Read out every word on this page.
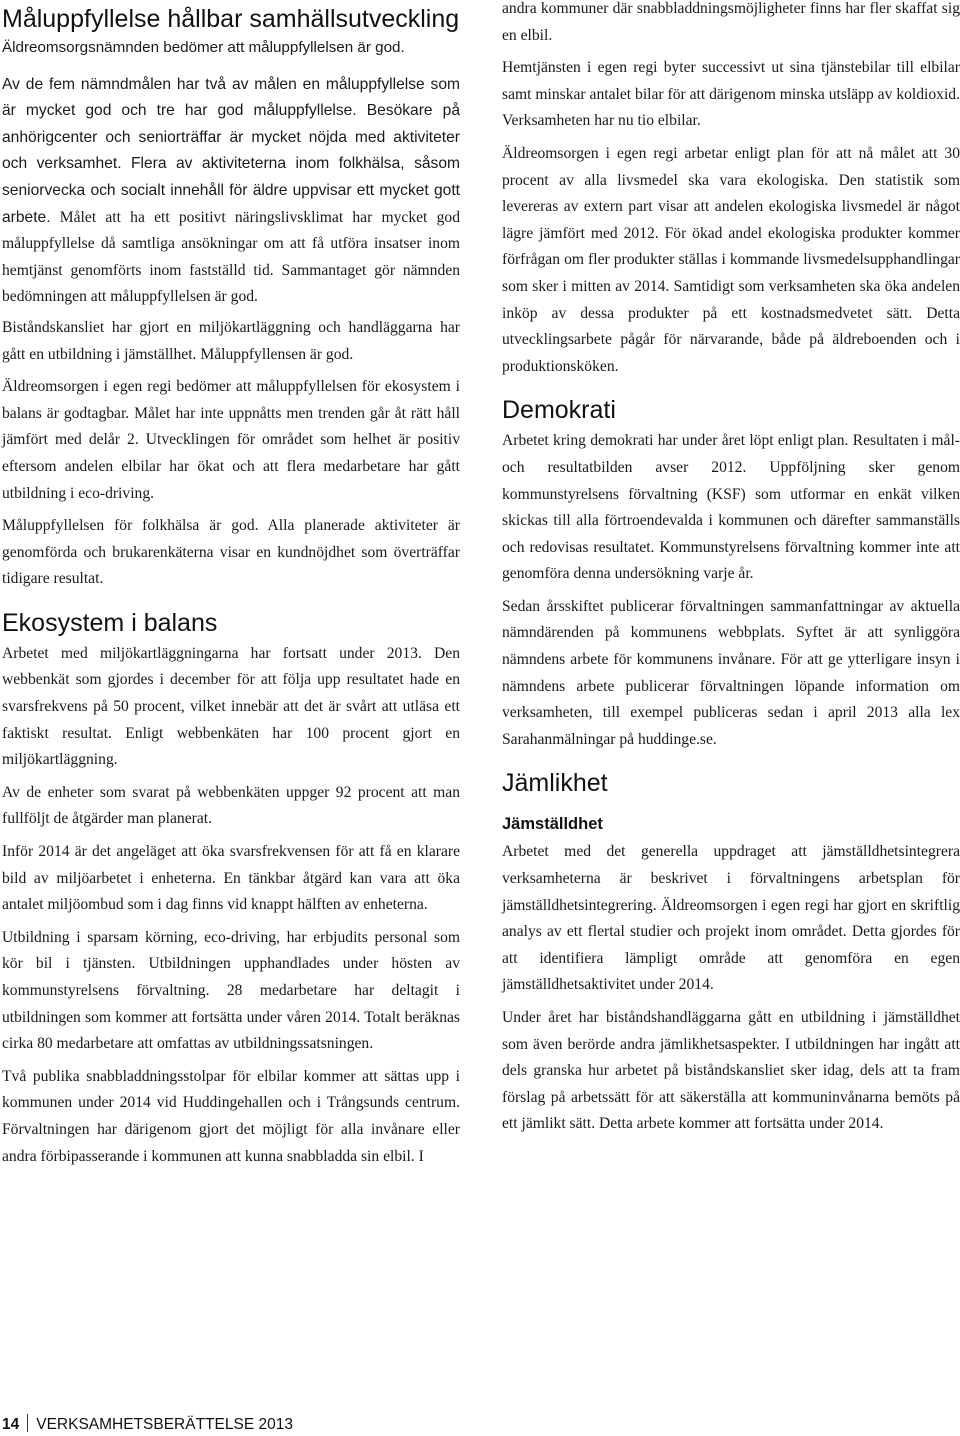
Måluppfyllelse hållbar samhällsutveckling

Äldreomsorgsnämnden bedömer att måluppfyllelsen är god.

Av de fem nämndmålen har två av målen en måluppfyllelse som är mycket god och tre har god måluppfyllelse. Besökare på anhörigcenter och seniorträffar är mycket nöjda med aktiviteter och verksamhet. Flera av aktiviteterna inom folkhälsa, såsom seniorvecka och socialt innehåll för äldre uppvisar ett mycket gott arbete. Målet att ha ett positivt näringslivsklimat har mycket god måluppfyllelse då samtliga ansökningar om att få utföra insatser inom hemtjänst genomförts inom fastställd tid. Sammantaget gör nämnden bedömningen att måluppfyllelsen är god.

Biståndskansliet har gjort en miljökartläggning och handläggarna har gått en utbildning i jämställhet. Måluppfyllensen är god.

Äldreomsorgen i egen regi bedömer att måluppfyllelsen för ekosystem i balans är godtagbar. Målet har inte uppnåtts men trenden går åt rätt håll jämfört med delår 2. Utvecklingen för området som helhet är positiv eftersom andelen elbilar har ökat och att flera medarbetare har gått utbildning i eco-driving.

Måluppfyllelsen för folkhälsa är god. Alla planerade aktiviteter är genomförda och brukarenkäterna visar en kundnöjdhet som överträffar tidigare resultat.

Ekosystem i balans

Arbetet med miljökartläggningarna har fortsatt under 2013. Den webbenkät som gjordes i december för att följa upp resultatet hade en svarsfrekvens på 50 procent, vilket innebär att det är svårt att utläsa ett faktiskt resultat. Enligt webbenkäten har 100 procent gjort en miljökartläggning.

Av de enheter som svarat på webbenkäten uppger 92 procent att man fullföljt de åtgärder man planerat.

Inför 2014 är det angeläget att öka svarsfrekvensen för att få en klarare bild av miljöarbetet i enheterna. En tänkbar åtgärd kan vara att öka antalet miljöombud som i dag finns vid knappt hälften av enheterna.

Utbildning i sparsam körning, eco-driving, har erbjudits personal som kör bil i tjänsten. Utbildningen upphandlades under hösten av kommunstyrelsens förvaltning. 28 medarbetare har deltagit i utbildningen som kommer att fortsätta under våren 2014. Totalt beräknas cirka 80 medarbetare att omfattas av utbildningssatsningen.

Två publika snabbladdningsstolpar för elbilar kommer att sättas upp i kommunen under 2014 vid Huddingehallen och i Trångsunds centrum. Förvaltningen har därigenom gjort det möjligt för alla invånare eller andra förbipasserande i kommunen att kunna snabbladda sin elbil. I

andra kommuner där snabbladdningsmöjligheter finns har fler skaffat sig en elbil.

Hemtjänsten i egen regi byter successivt ut sina tjänstebilar till elbilar samt minskar antalet bilar för att därigenom minska utsläpp av koldioxid. Verksamheten har nu tio elbilar.

Äldreomsorgen i egen regi arbetar enligt plan för att nå målet att 30 procent av alla livsmedel ska vara ekologiska. Den statistik som levereras av extern part visar att andelen ekologiska livsmedel är något lägre jämfört med 2012. För ökad andel ekologiska produkter kommer förfrågan om fler produkter ställas i kommande livsmedelsupphandlingar som sker i mitten av 2014. Samtidigt som verksamheten ska öka andelen inköp av dessa produkter på ett kostnadsmedvetet sätt. Detta utvecklingsarbete pågår för närvarande, både på äldreboenden och i produktionsköken.

Demokrati

Arbetet kring demokrati har under året löpt enligt plan. Resultaten i mål- och resultatbilden avser 2012. Uppföljning sker genom kommunstyrelsens förvaltning (KSF) som utformar en enkät vilken skickas till alla förtroendevalda i kommunen och därefter sammanställs och redovisas resultatet. Kommunstyrelsens förvaltning kommer inte att genomföra denna undersökning varje år.

Sedan årsskiftet publicerar förvaltningen sammanfattningar av aktuella nämndärenden på kommunens webbplats. Syftet är att synliggöra nämndens arbete för kommunens invånare. För att ge ytterligare insyn i nämndens arbete publicerar förvaltningen löpande information om verksamheten, till exempel publiceras sedan i april 2013 alla lex Sarahanmälningar på huddinge.se.

Jämlikhet
Jämställdhet

Arbetet med det generella uppdraget att jämställdhetsintegrera verksamheterna är beskrivet i förvaltningens arbetsplan för jämställdhetsintegrering. Äldreomsorgen i egen regi har gjort en skriftlig analys av ett flertal studier och projekt inom området. Detta gjordes för att identifiera lämpligt område att genomföra en egen jämställdhetsaktivitet under 2014.

Under året har biståndshandläggarna gått en utbildning i jämställdhet som även berörde andra jämlikhetsaspekter. I utbildningen har ingått att dels granska hur arbetet på biståndskansliet sker idag, dels att ta fram förslag på arbetssätt för att säkerställa att kommuninvånarna bemöts på ett jämlikt sätt. Detta arbete kommer att fortsätta under 2014.

14 VERKSAMHETSBERÄTTELSE 2013
